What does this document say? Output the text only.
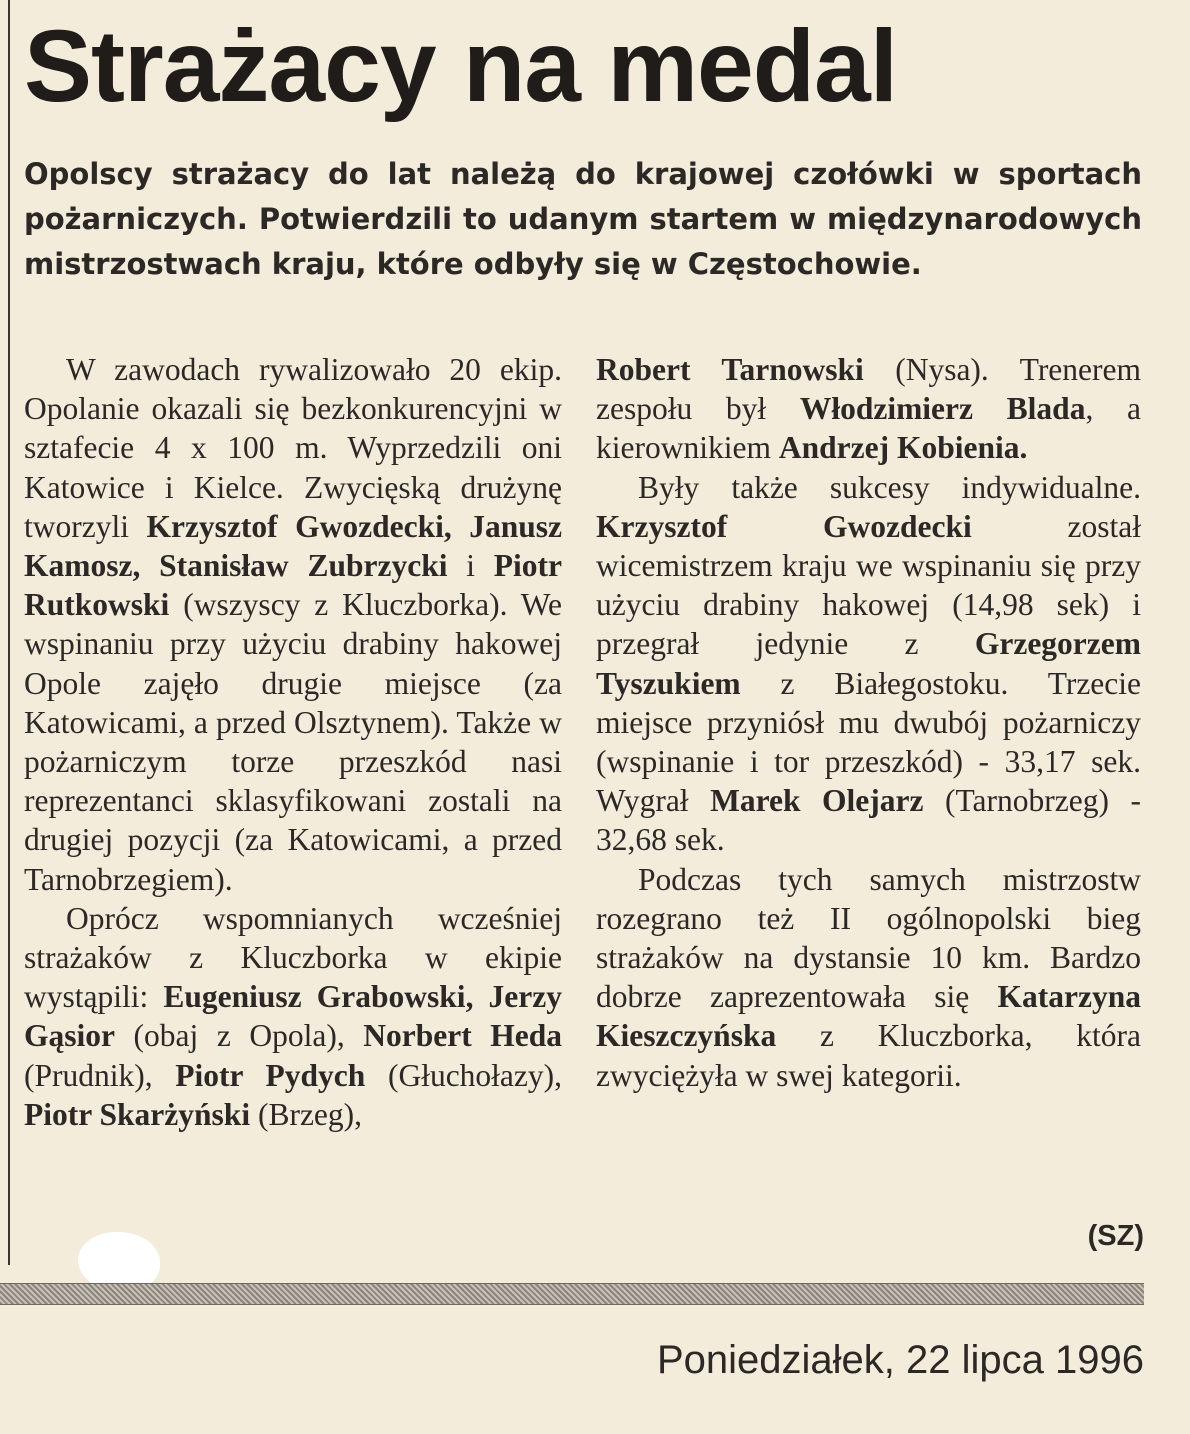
Strażacy na medal
Opolscy strażacy do lat należą do krajowej czołówki w sportach pożarniczych. Potwierdzili to udanym startem w międzynarodowych mistrzostwach kraju, które odbyły się w Częstochowie.

W zawodach rywalizowało 20 ekip. Opolanie okazali się bezkonkurencyjni w sztafecie 4 x 100 m. Wyprzedzili oni Katowice i Kielce. Zwycięską drużynę tworzyli Krzysztof Gwozdecki, Janusz Kamosz, Stanisław Zubrzycki i Piotr Rutkowski (wszyscy z Kluczborka). We wspinaniu przy użyciu drabiny hakowej Opole zajęło drugie miejsce (za Katowicami, a przed Olsztynem). Także w pożarniczym torze przeszkód nasi reprezentanci sklasyfikowani zostali na drugiej pozycji (za Katowicami, a przed Tarnobrzegiem).

Oprócz wspomnianych wcześniej strażaków z Kluczborka w ekipie wystąpili: Eugeniusz Grabowski, Jerzy Gąsior (obaj z Opola), Norbert Heda (Prudnik), Piotr Pydych (Głuchołazy), Piotr Skarżyński (Brzeg),

Robert Tarnowski (Nysa). Trenerem zespołu był Włodzimierz Blada, a kierownikiem Andrzej Kobienia.

Były także sukcesy indywidualne. Krzysztof Gwozdecki został wicemistrzem kraju we wspinaniu się przy użyciu drabiny hakowej (14,98 sek) i przegrał jedynie z Grzegorzem Tyszukiem z Białegostoku. Trzecie miejsce przyniósł mu dwubój pożarniczy (wspinanie i tor przeszkód) - 33,17 sek. Wygrał Marek Olejarz (Tarnobrzeg) - 32,68 sek.

Podczas tych samych mistrzostw rozegrano też II ogólnopolski bieg strażaków na dystansie 10 km. Bardzo dobrze zaprezentowała się Katarzyna Kieszczyńska z Kluczborka, która zwyciężyła w swej kategorii.

(SZ)
Poniedziałek, 22 lipca 1996
